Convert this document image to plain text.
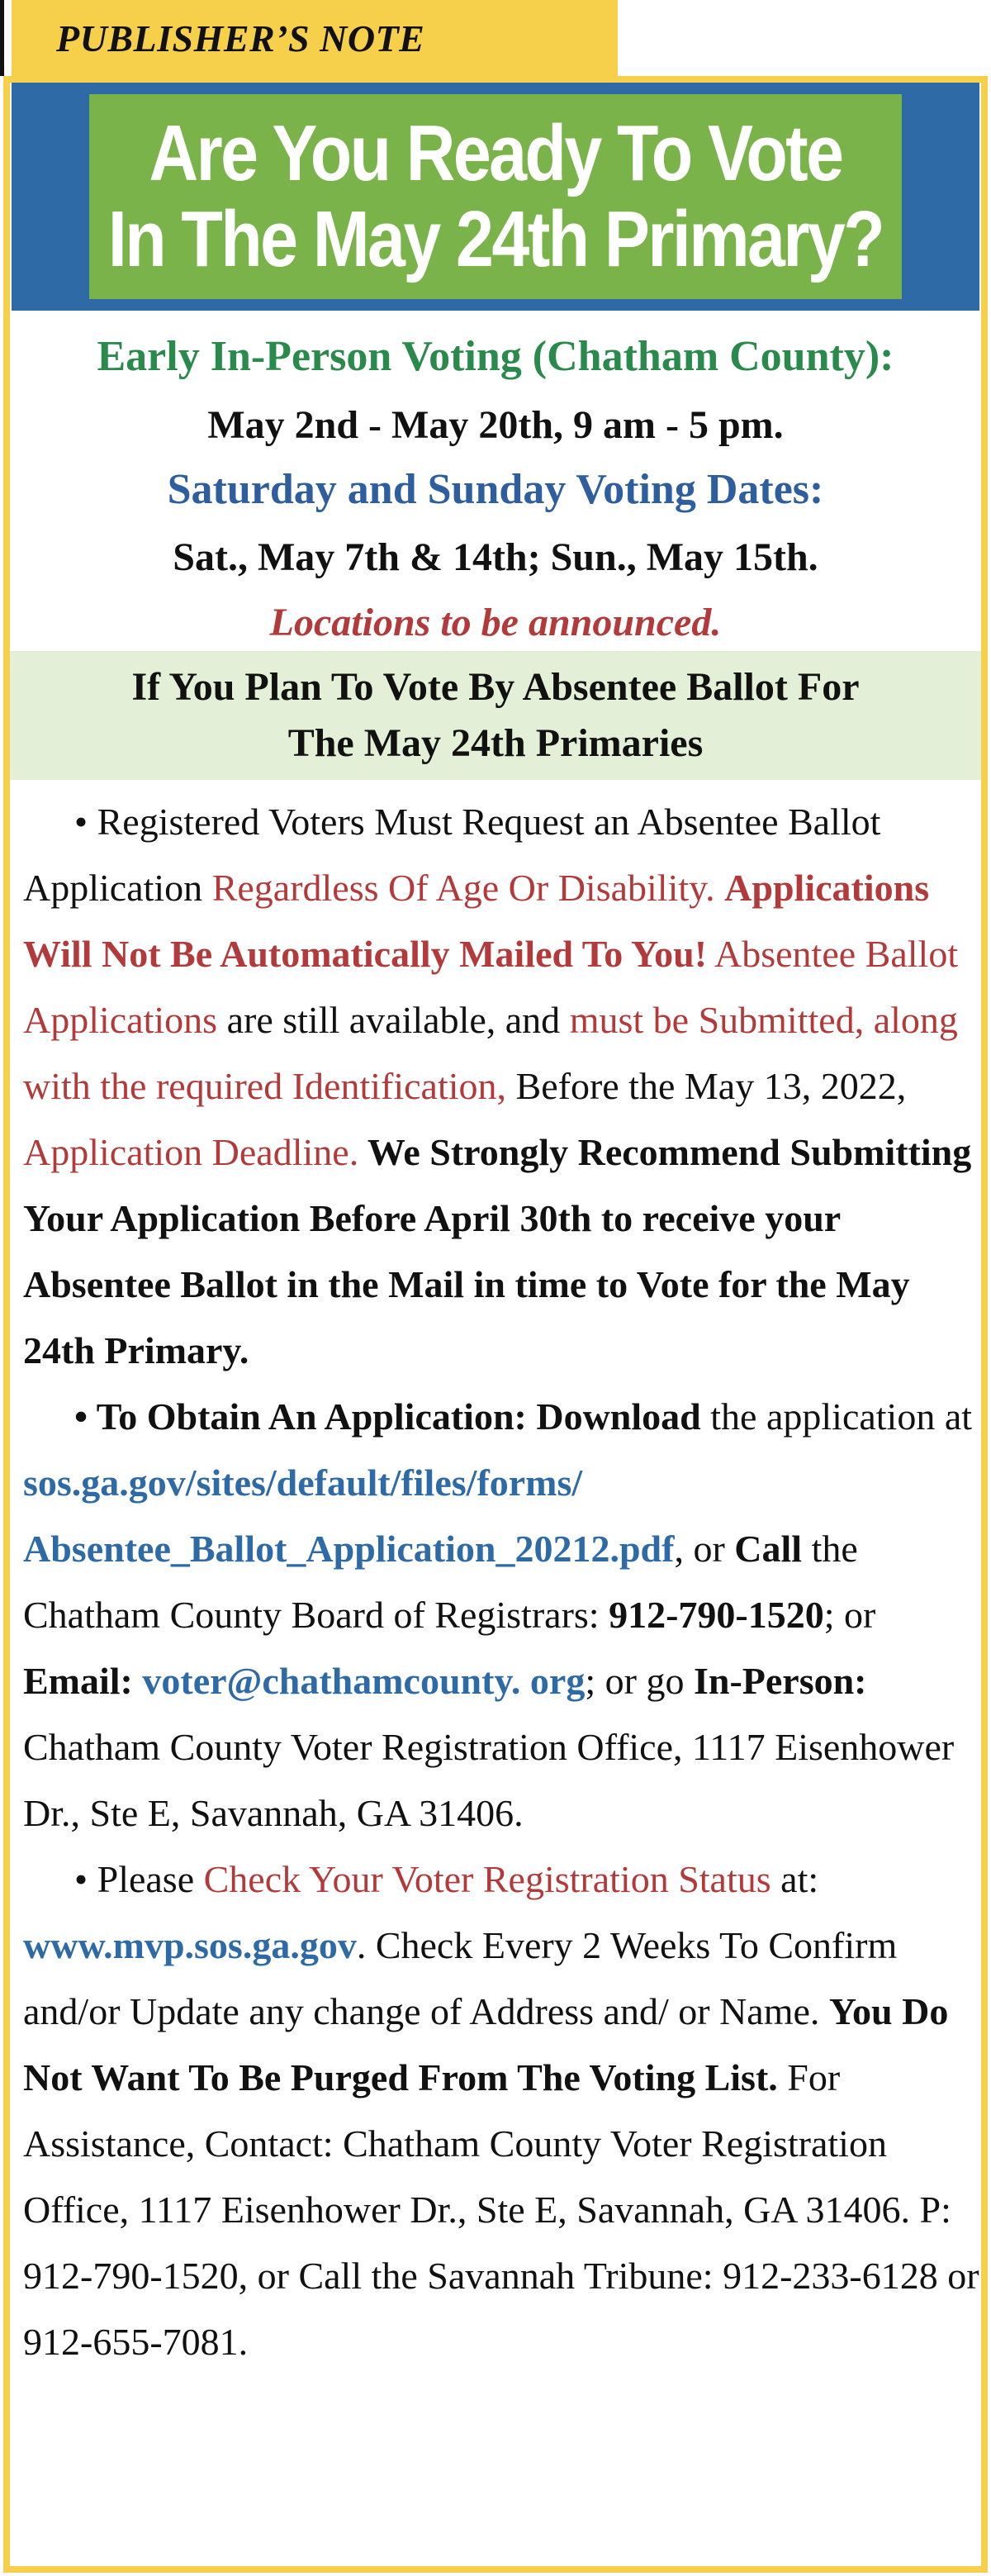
PUBLISHER’S NOTE
Are You Ready To Vote
In The May 24th Primary?
Early In-Person Voting (Chatham County):
May 2nd - May 20th, 9 am - 5 pm.
Saturday and Sunday Voting Dates:
Sat., May 7th & 14th; Sun., May 15th.
Locations to be announced.
If You Plan To Vote By Absentee Ballot For
The May 24th Primaries

• Registered Voters Must Request an Absentee Ballot Application Regardless Of Age Or Disability. Applications Will Not Be Automatically Mailed To You! Absentee Ballot Applications are still available, and must be Submitted, along with the required Identification, Before the May 13, 2022, Application Deadline. We Strongly Recommend Submitting Your Application Before April 30th to receive your Absentee Ballot in the Mail in time to Vote for the May 24th Primary.

• To Obtain An Application: Download the application at sos.ga.gov/sites/default/files/forms/ Absentee_Ballot_Application_20212.pdf, or Call the Chatham County Board of Registrars: 912-790-1520; or Email: voter@chathamcounty. org; or go In-Person: Chatham County Voter Registration Office, 1117 Eisenhower Dr., Ste E, Savannah, GA 31406.

• Please Check Your Voter Registration Status at: www.mvp.sos.ga.gov. Check Every 2 Weeks To Confirm and/or Update any change of Address and/ or Name. You Do Not Want To Be Purged From The Voting List. For Assistance, Contact: Chatham County Voter Registration Office, 1117 Eisenhower Dr., Ste E, Savannah, GA 31406. P: 912-790-1520, or Call the Savannah Tribune: 912-233-6128 or 912-655-7081.
